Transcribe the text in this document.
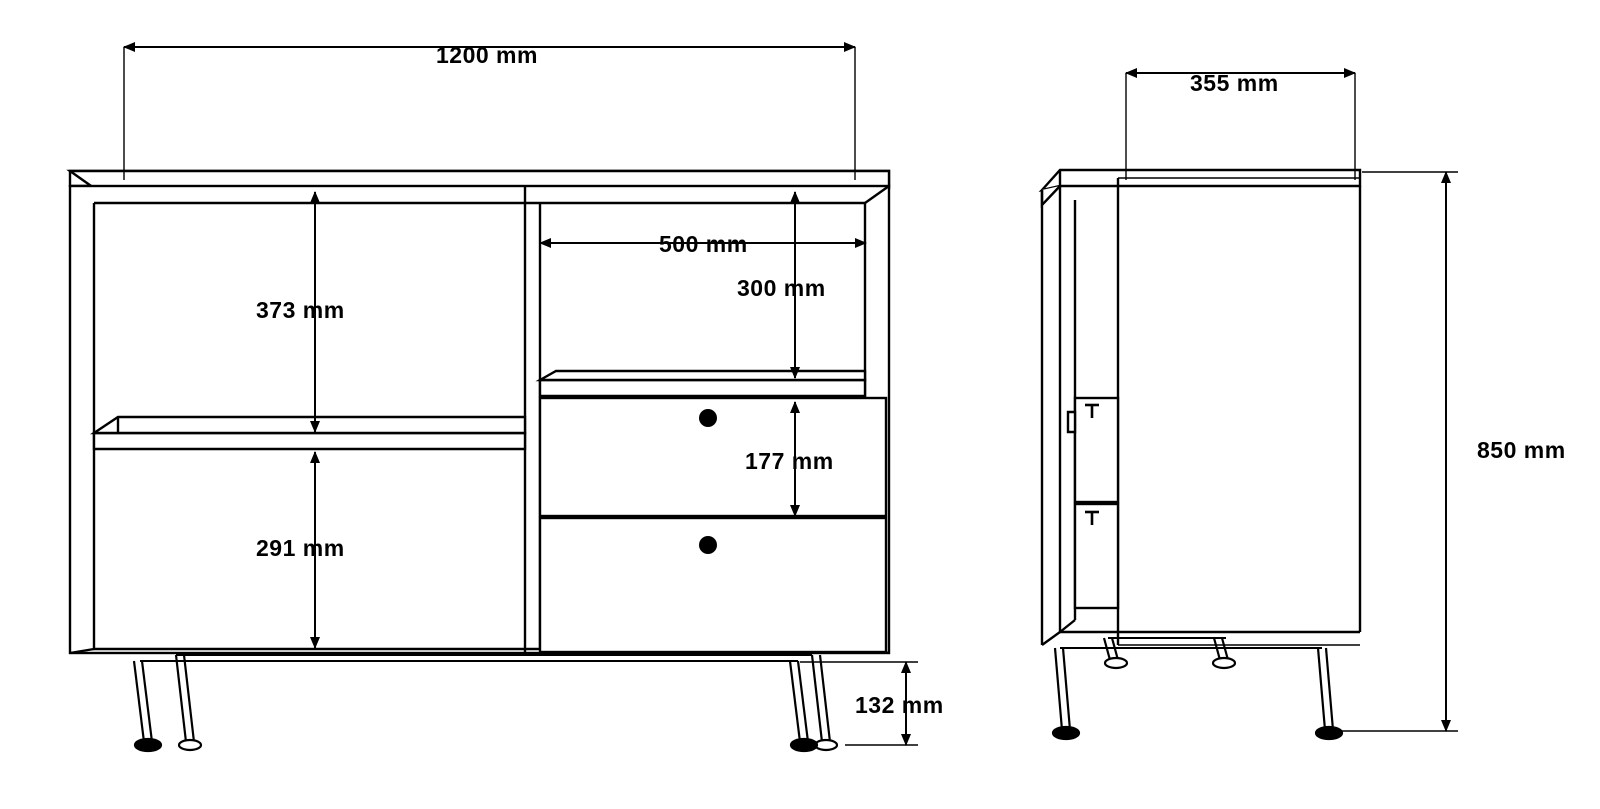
1200 mm
373 mm
291 mm
500 mm
300 mm
177 mm
132 mm
355 mm
850 mm
